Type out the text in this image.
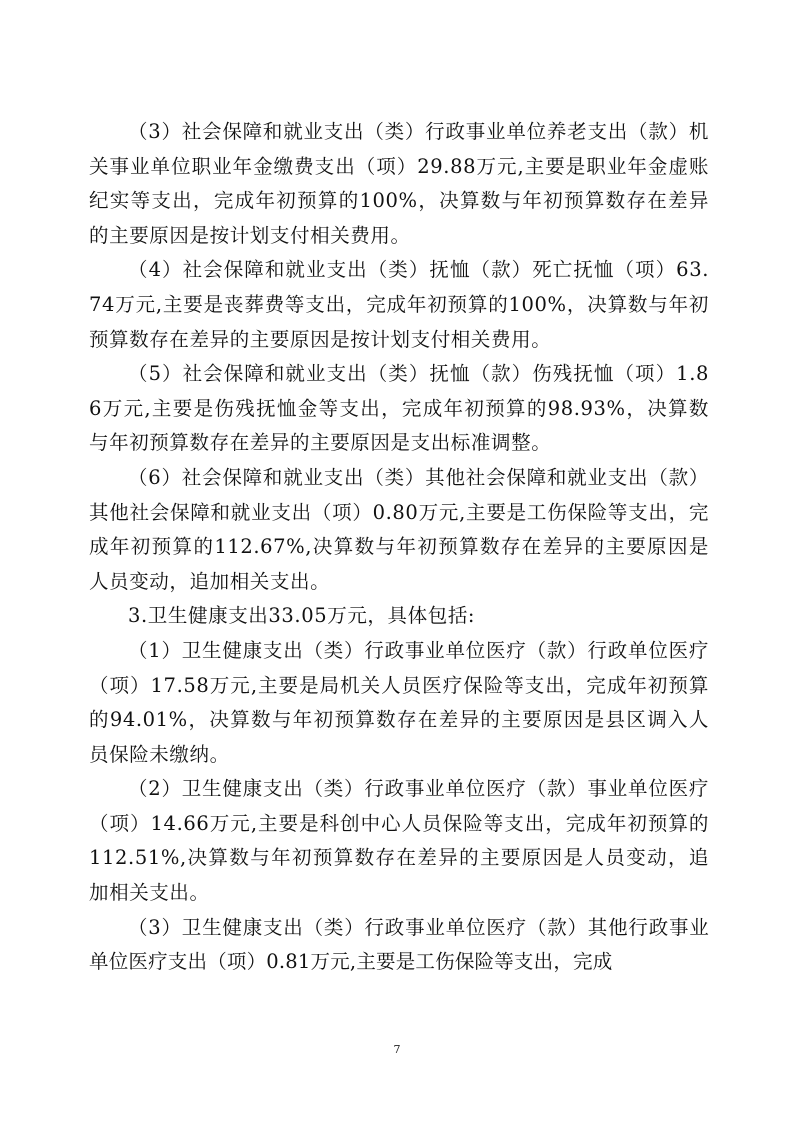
（3）社会保障和就业支出（类）行政事业单位养老支出（款）机关事业单位职业年金缴费支出（项）29.88万元,主要是职业年金虚账纪实等支出，完成年初预算的100%，决算数与年初预算数存在差异的主要原因是按计划支付相关费用。

（4）社会保障和就业支出（类）抚恤（款）死亡抚恤（项）63.74万元,主要是丧葬费等支出，完成年初预算的100%，决算数与年初预算数存在差异的主要原因是按计划支付相关费用。

（5）社会保障和就业支出（类）抚恤（款）伤残抚恤（项）1.86万元,主要是伤残抚恤金等支出，完成年初预算的98.93%，决算数与年初预算数存在差异的主要原因是支出标准调整。

（6）社会保障和就业支出（类）其他社会保障和就业支出（款）其他社会保障和就业支出（项）0.80万元,主要是工伤保险等支出，完成年初预算的112.67%,决算数与年初预算数存在差异的主要原因是人员变动，追加相关支出。

3.卫生健康支出33.05万元，具体包括:

（1）卫生健康支出（类）行政事业单位医疗（款）行政单位医疗（项）17.58万元,主要是局机关人员医疗保险等支出，完成年初预算的94.01%，决算数与年初预算数存在差异的主要原因是县区调入人员保险未缴纳。

（2）卫生健康支出（类）行政事业单位医疗（款）事业单位医疗（项）14.66万元,主要是科创中心人员保险等支出，完成年初预算的112.51%,决算数与年初预算数存在差异的主要原因是人员变动，追加相关支出。

（3）卫生健康支出（类）行政事业单位医疗（款）其他行政事业单位医疗支出（项）0.81万元,主要是工伤保险等支出，完成

7
